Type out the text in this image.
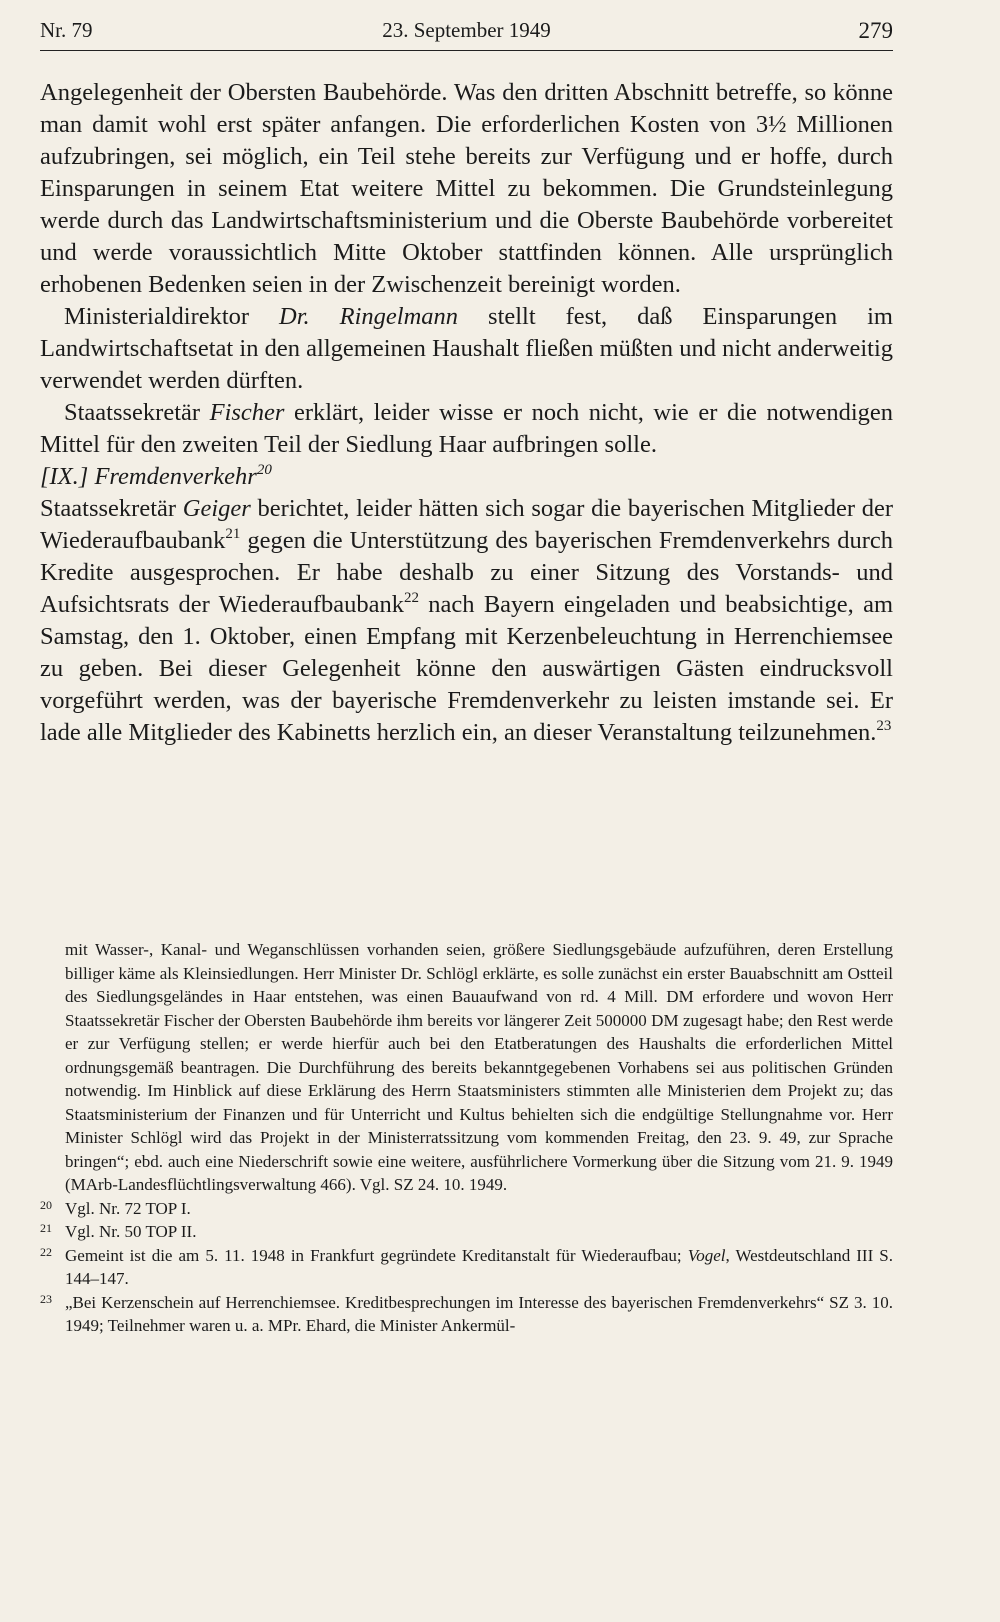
Nr. 79	23. September 1949	279

Angelegenheit der Obersten Baubehörde. Was den dritten Abschnitt betreffe, so könne man damit wohl erst später anfangen. Die erforderlichen Kosten von 3½ Millionen aufzubringen, sei möglich, ein Teil stehe bereits zur Verfügung und er hoffe, durch Einsparungen in seinem Etat weitere Mittel zu bekommen. Die Grundsteinlegung werde durch das Landwirtschaftsministerium und die Oberste Baubehörde vorbereitet und werde voraussichtlich Mitte Oktober stattfinden können. Alle ursprünglich erhobenen Bedenken seien in der Zwischenzeit bereinigt worden.

Ministerialdirektor Dr. Ringelmann stellt fest, daß Einsparungen im Landwirtschaftsetat in den allgemeinen Haushalt fließen müßten und nicht anderweitig verwendet werden dürften.

Staatssekretär Fischer erklärt, leider wisse er noch nicht, wie er die notwendigen Mittel für den zweiten Teil der Siedlung Haar aufbringen solle.

[IX.] Fremdenverkehr$^{20}$

Staatssekretär Geiger berichtet, leider hätten sich sogar die bayerischen Mitglieder der Wiederaufbaubank$^{21}$ gegen die Unterstützung des bayerischen Fremdenverkehrs durch Kredite ausgesprochen. Er habe deshalb zu einer Sitzung des Vorstands- und Aufsichtsrats der Wiederaufbaubank$^{22}$ nach Bayern eingeladen und beabsichtige, am Samstag, den 1. Oktober, einen Empfang mit Kerzenbeleuchtung in Herrenchiemsee zu geben. Bei dieser Gelegenheit könne den auswärtigen Gästen eindrucksvoll vorgeführt werden, was der bayerische Fremdenverkehr zu leisten imstande sei. Er lade alle Mitglieder des Kabinetts herzlich ein, an dieser Veranstaltung teilzunehmen.$^{23}$

mit Wasser-, Kanal- und Weganschlüssen vorhanden seien, größere Siedlungsgebäude aufzuführen, deren Erstellung billiger käme als Kleinsiedlungen. Herr Minister Dr. Schlögl erklärte, es solle zunächst ein erster Bauabschnitt am Ostteil des Siedlungsgeländes in Haar entstehen, was einen Bauaufwand von rd. 4 Mill. DM erfordere und wovon Herr Staatssekretär Fischer der Obersten Baubehörde ihm bereits vor längerer Zeit 500000 DM zugesagt habe; den Rest werde er zur Verfügung stellen; er werde hierfür auch bei den Etatberatungen des Haushalts die erforderlichen Mittel ordnungsgemäß beantragen. Die Durchführung des bereits bekanntgegebenen Vorhabens sei aus politischen Gründen notwendig. Im Hinblick auf diese Erklärung des Herrn Staatsministers stimmten alle Ministerien dem Projekt zu; das Staatsministerium der Finanzen und für Unterricht und Kultus behielten sich die endgültige Stellungnahme vor. Herr Minister Schlögl wird das Projekt in der Ministerratssitzung vom kommenden Freitag, den 23. 9. 49, zur Sprache bringen“; ebd. auch eine Niederschrift sowie eine weitere, ausführlichere Vormerkung über die Sitzung vom 21. 9. 1949 (MArb-Landesflüchtlingsverwaltung 466). Vgl. SZ 24. 10. 1949.

20 Vgl. Nr. 72 TOP I.
21 Vgl. Nr. 50 TOP II.
22 Gemeint ist die am 5. 11. 1948 in Frankfurt gegründete Kreditanstalt für Wiederaufbau; Vogel, Westdeutschland III S. 144–147.
23 „Bei Kerzenschein auf Herrenchiemsee. Kreditbesprechungen im Interesse des bayerischen Fremdenverkehrs“ SZ 3. 10. 1949; Teilnehmer waren u. a. MPr. Ehard, die Minister Ankermül-
